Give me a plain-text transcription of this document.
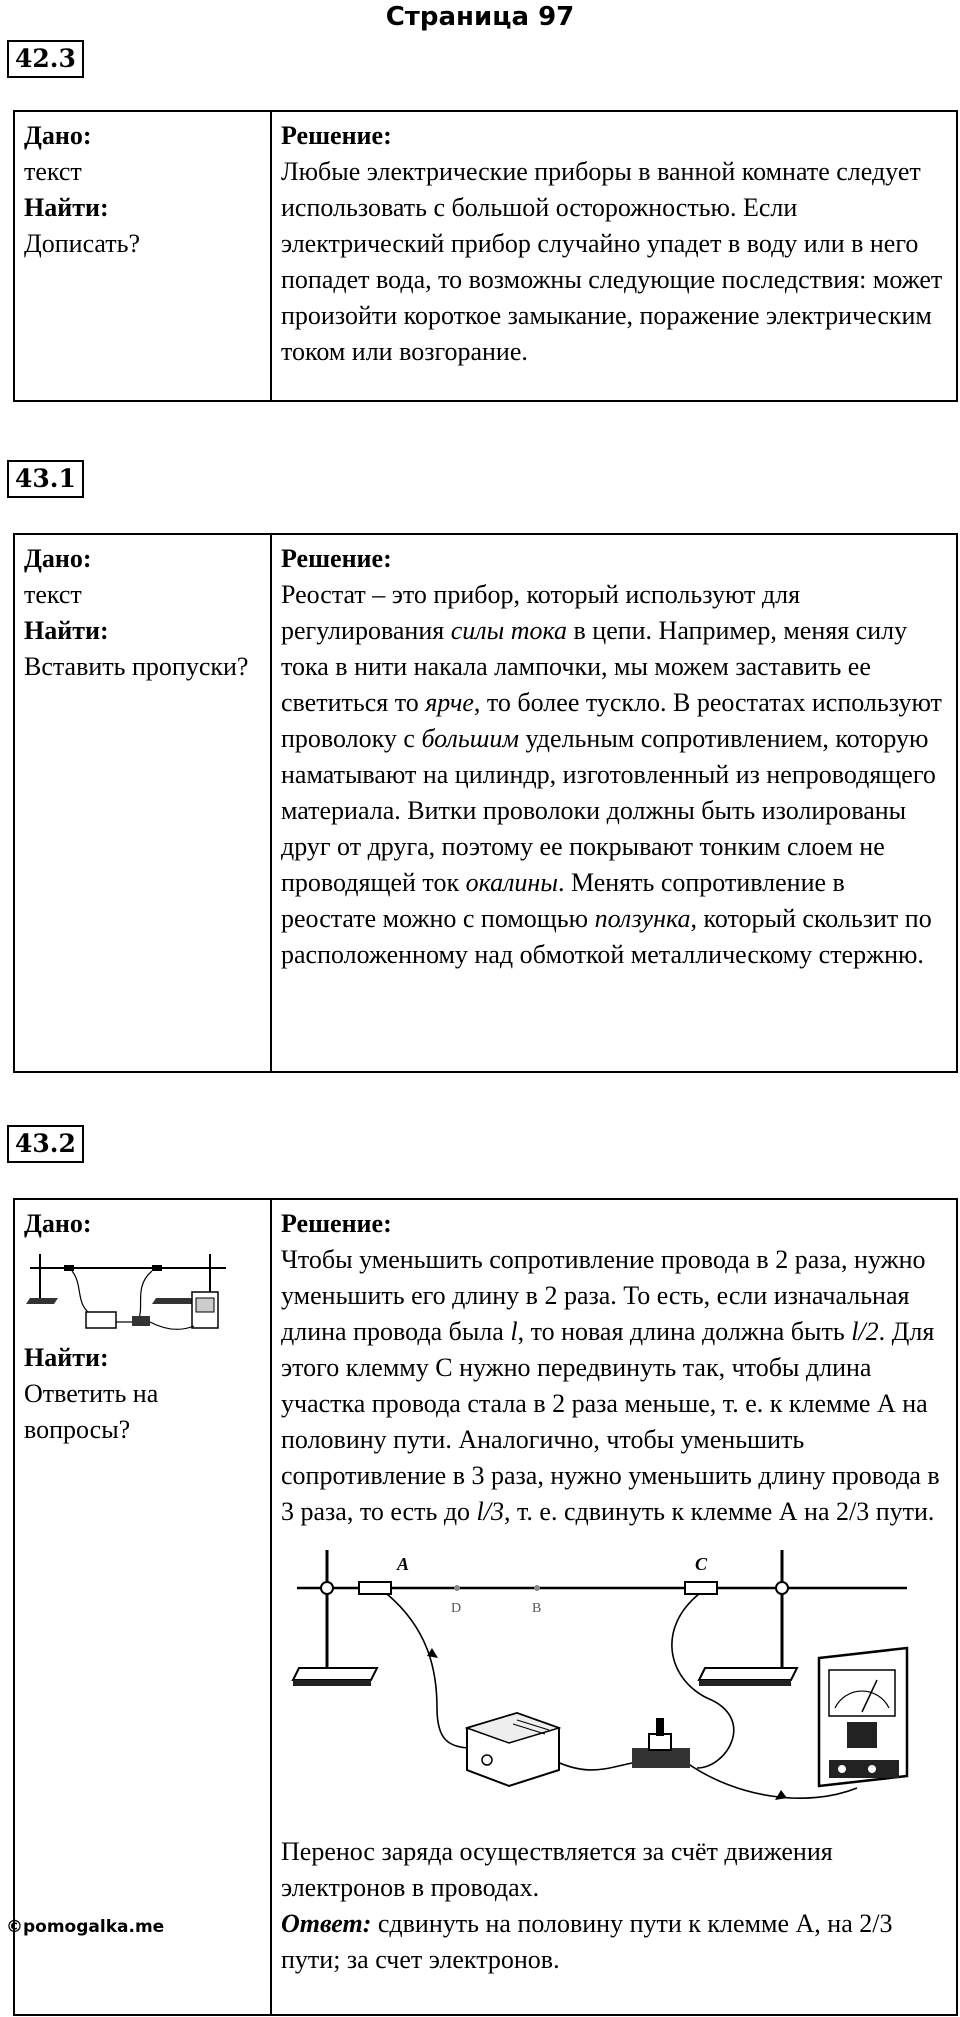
Страница 97
42.3
Дано:
текст
Найти:
Дописать?

Решение:
Любые электрические приборы в ванной комнате следует использовать с большой осторожностью. Если электрический прибор случайно упадет в воду или в него попадет вода, то возможны следующие последствия: может произойти короткое замыкание, поражение электрическим током или возгорание.
43.1
Дано:
текст
Найти:
Вставить пропуски?

Решение:
Реостат – это прибор, который используют для регулирования силы тока в цепи. Например, меняя силу тока в нити накала лампочки, мы можем заставить ее светиться то ярче, то более тускло. В реостатах используют проволоку с большим удельным сопротивлением, которую наматывают на цилиндр, изготовленный из непроводящего материала. Витки проволоки должны быть изолированы друг от друга, поэтому ее покрывают тонким слоем не проводящей ток окалины. Менять сопротивление в реостате можно с помощью ползунка, который скользит по расположенному над обмоткой металлическому стержню.
43.2
Дано:
Найти:
Ответить на вопросы?

Решение:
Чтобы уменьшить сопротивление провода в 2 раза, нужно уменьшить его длину в 2 раза. То есть, если изначальная длина провода была l, то новая длина должна быть l/2. Для этого клемму С нужно передвинуть так, чтобы длина участка провода стала в 2 раза меньше, т. е. к клемме А на половину пути. Аналогично, чтобы уменьшить сопротивление в 3 раза, нужно уменьшить длину провода в 3 раза, то есть до l/3, т. е. сдвинуть к клемме А на 2/3 пути.
A	C
D	B
Перенос заряда осуществляется за счёт движения электронов в проводах.
Ответ: сдвинуть на половину пути к клемме А, на 2/3 пути; за счет электронов.
©pomogalka.me
